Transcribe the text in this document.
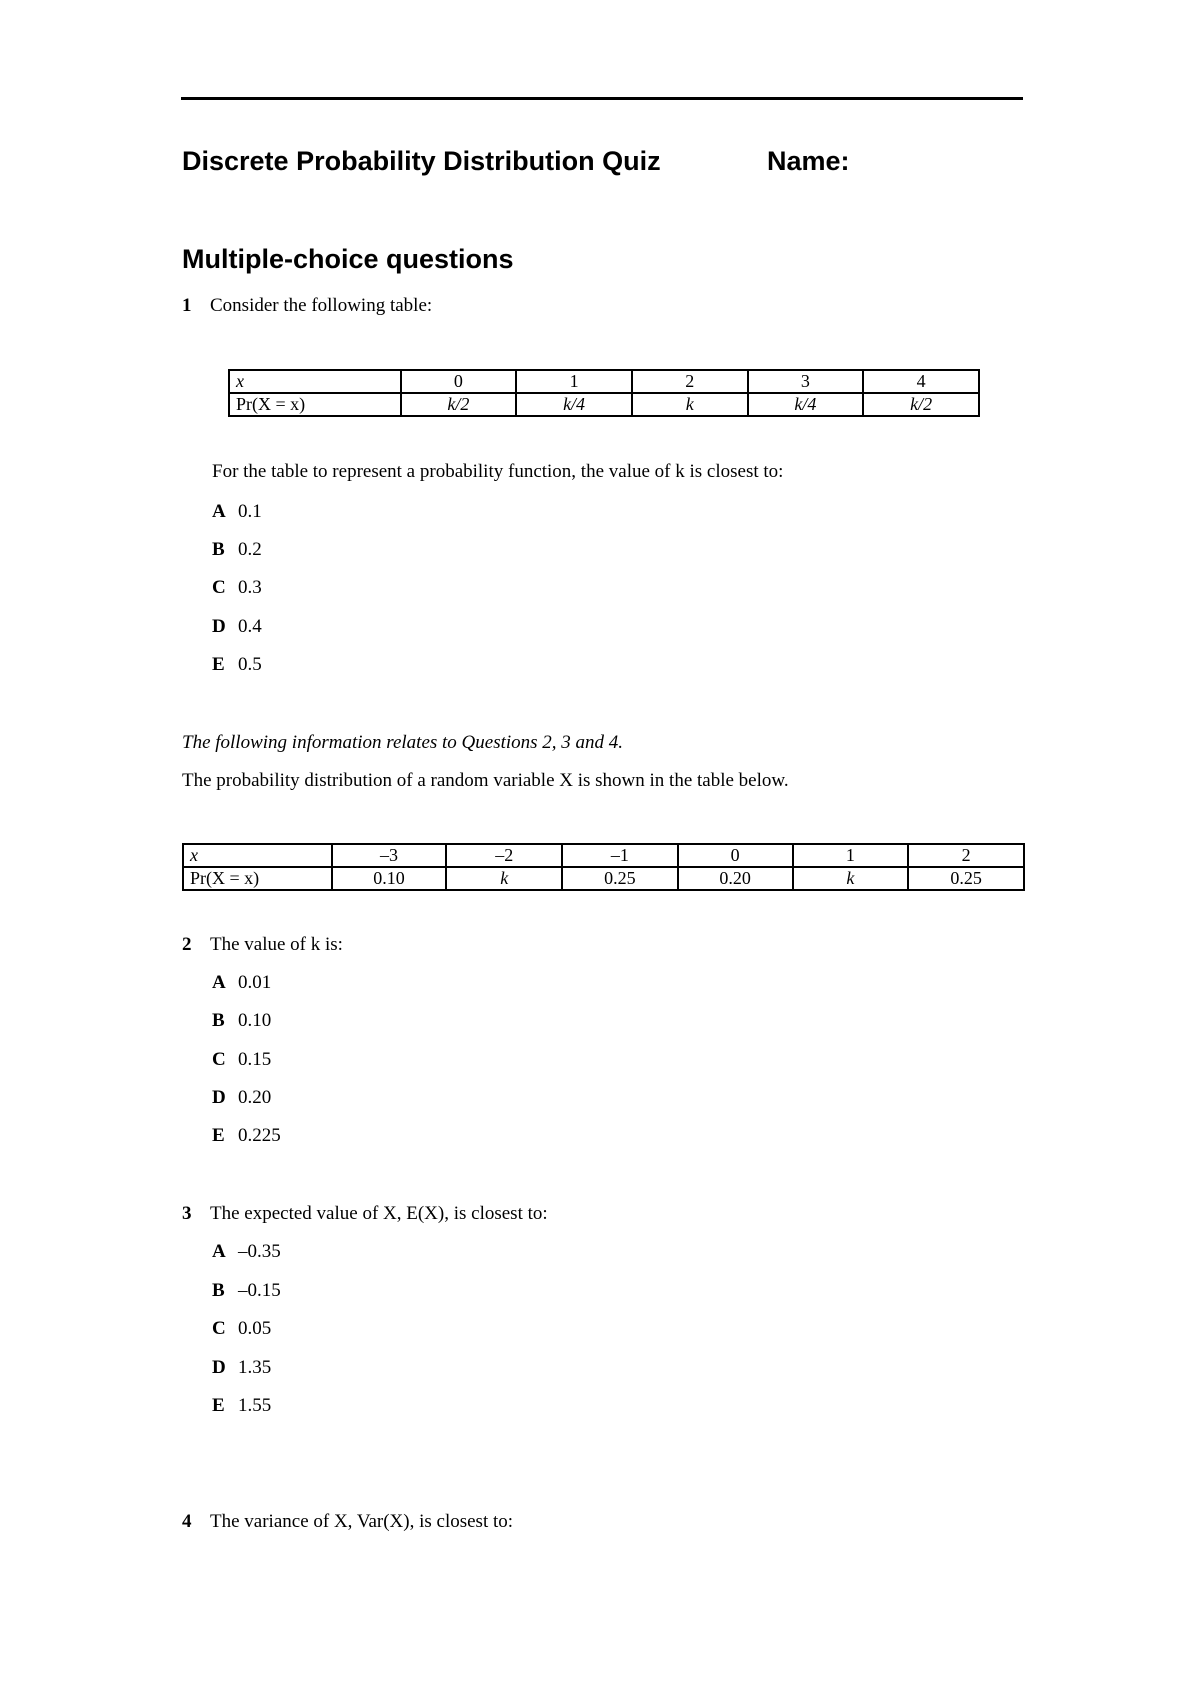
Discrete Probability Distribution Quiz	Name:
Multiple-choice questions
1 Consider the following table:
x	0	1	2	3	4
Pr(X = x)	k/2	k/4	k	k/4	k/2
For the table to represent a probability function, the value of k is closest to:
A 0.1
B 0.2
C 0.3
D 0.4
E 0.5
The following information relates to Questions 2, 3 and 4.
The probability distribution of a random variable X is shown in the table below.
x	–3	–2	–1	0	1	2
Pr(X = x)	0.10	k	0.25	0.20	k	0.25
2 The value of k is:
A 0.01
B 0.10
C 0.15
D 0.20
E 0.225
3 The expected value of X, E(X), is closest to:
A –0.35
B –0.15
C 0.05
D 1.35
E 1.55
4 The variance of X, Var(X), is closest to:
